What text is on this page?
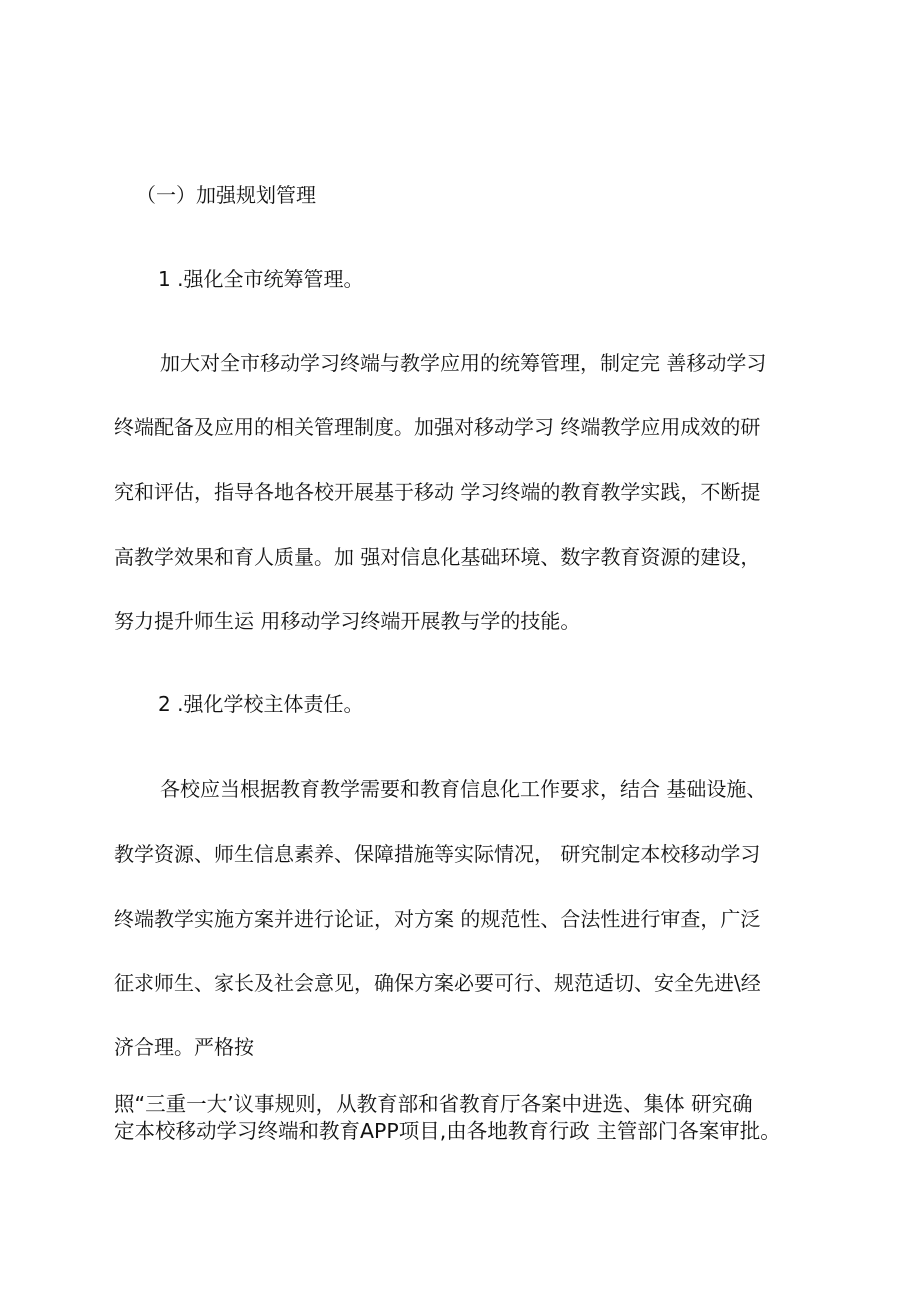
（一）加强规划管理

1 .强化全市统筹管理。

加大对全市移动学习终端与教学应用的统筹管理，制定完 善移动学习

终端配备及应用的相关管理制度。加强对移动学习 终端教学应用成效的研

究和评估，指导各地各校开展基于移动 学习终端的教育教学实践，不断提

高教学效果和育人质量。加 强对信息化基础环境、数字教育资源的建设，

努力提升师生运 用移动学习终端开展教与学的技能。

2 .强化学校主体责任。

各校应当根据教育教学需要和教育信息化工作要求，结合 基础设施、

教学资源、师生信息素养、保障措施等实际情况， 研究制定本校移动学习

终端教学实施方案并进行论证，对方案 的规范性、合法性进行审查，广泛

征求师生、家长及社会意见，确保方案必要可行、规范适切、安全先进\经

济合理。严格按

照“三重一大’议事规则，从教育部和省教育厅各案中进选、集体 研究确

定本校移动学习终端和教育APP项目,由各地教育行政 主管部门各案审批。
